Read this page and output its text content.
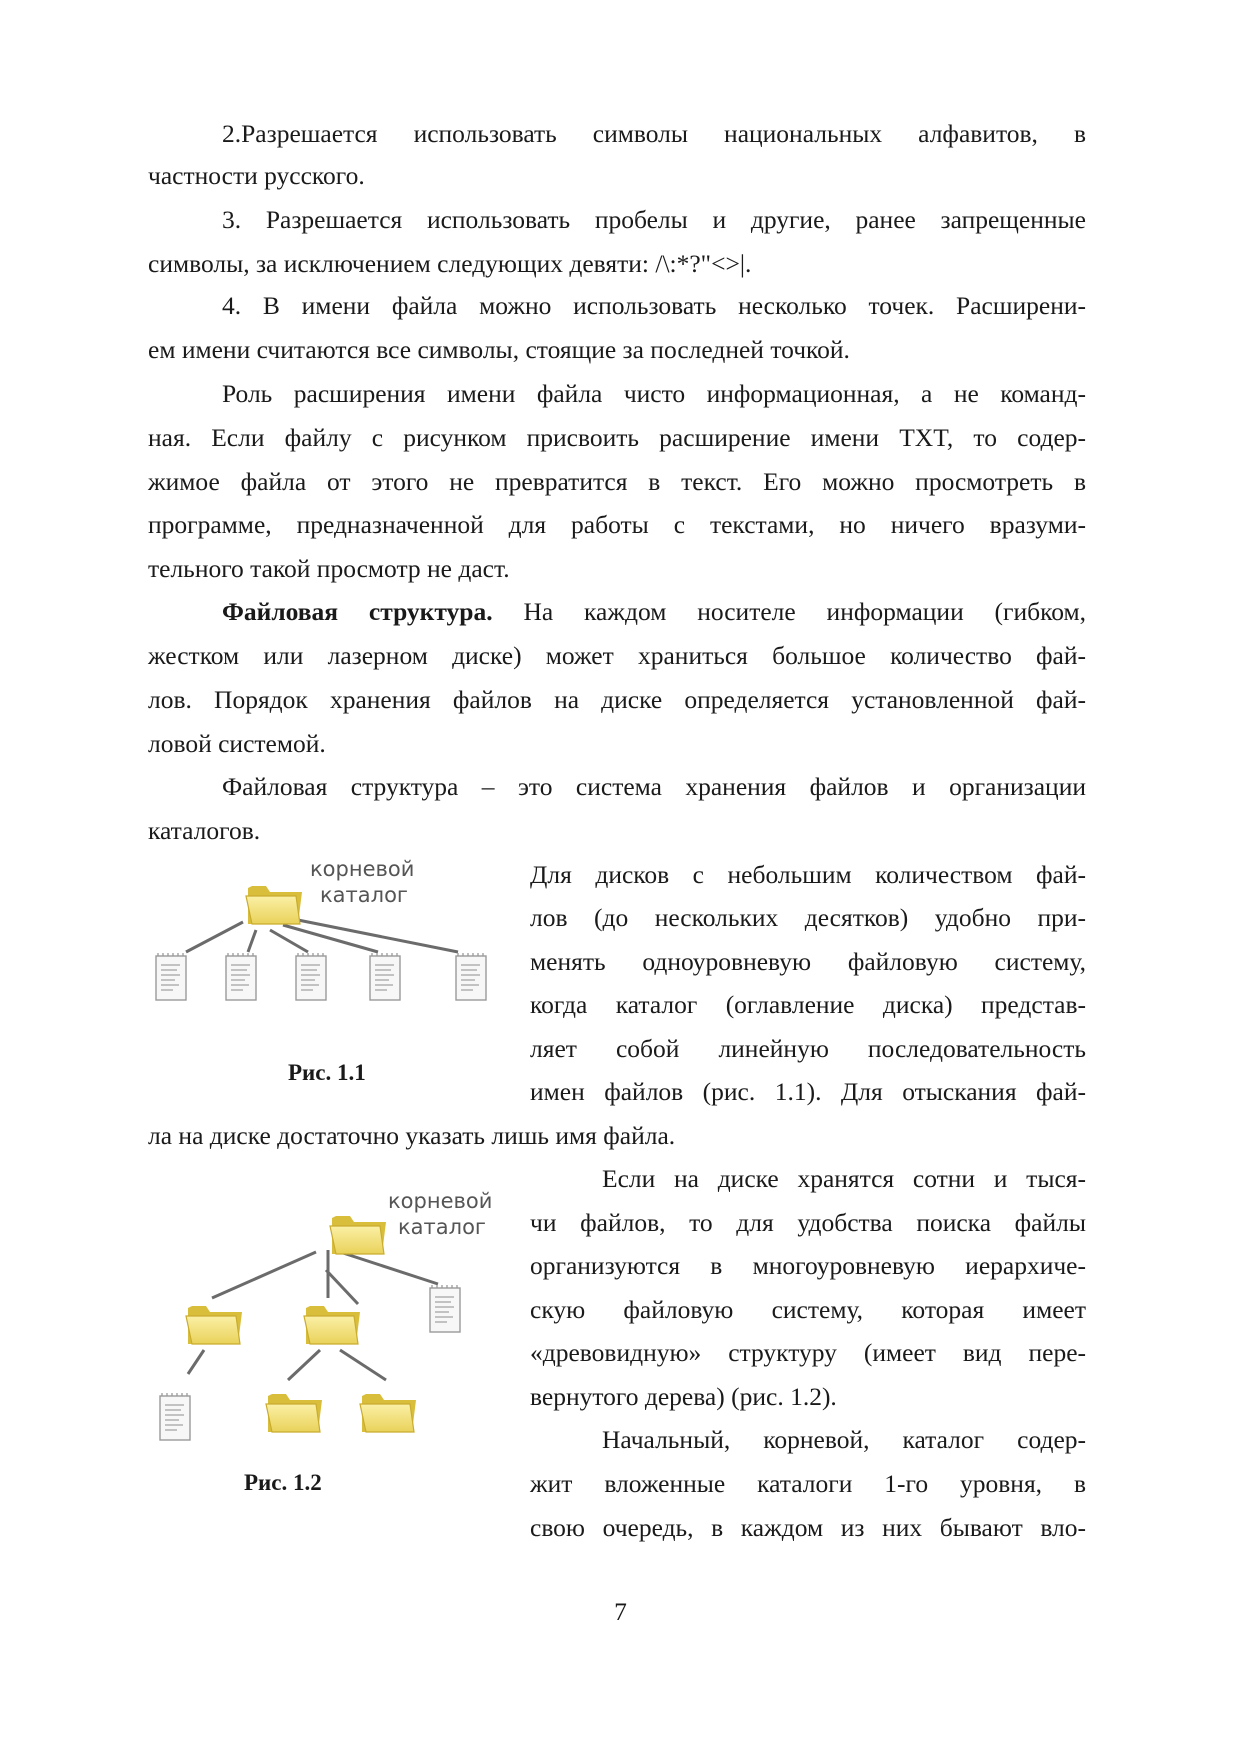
2.Разрешается использовать символы национальных алфавитов, в
частности русского.
3. Разрешается использовать пробелы и другие, ранее запрещенные
символы, за исключением следующих девяти: /\:*?"<>|.
4. В имени файла можно использовать несколько точек. Расширени-
ем имени считаются все символы, стоящие за последней точкой.
Роль расширения имени файла чисто информационная, а не команд-
ная. Если файлу с рисунком присвоить расширение имени TXT, то содер-
жимое файла от этого не превратится в текст. Его можно просмотреть в
программе, предназначенной для работы с текстами, но ничего вразуми-
тельного такой просмотр не даст.
Файловая структура. На каждом носителе информации (гибком,
жестком или лазерном диске) может храниться большое количество фай-
лов. Порядок хранения файлов на диске определяется установленной фай-
ловой системой.
Файловая структура – это система хранения файлов и организации
каталогов.
Для дисков с небольшим количеством фай-
лов (до нескольких десятков) удобно при-
менять одноуровневую файловую систему,
когда каталог (оглавление диска) представ-
ляет собой линейную последовательность
имен файлов (рис. 1.1). Для отыскания фай-
ла на диске достаточно указать лишь имя файла.
Если на диске хранятся сотни и тыся-
чи файлов, то для удобства поиска файлы
организуются в многоуровневую иерархиче-
скую файловую систему, которая имеет
«древовидную» структуру (имеет вид пере-
вернутого дерева) (рис. 1.2).
Начальный, корневой, каталог содер-
жит вложенные каталоги 1-го уровня, в
свою очередь, в каждом из них бывают вло-
корневой
каталог
Рис. 1.1
корневой
каталог
Рис. 1.2
7
